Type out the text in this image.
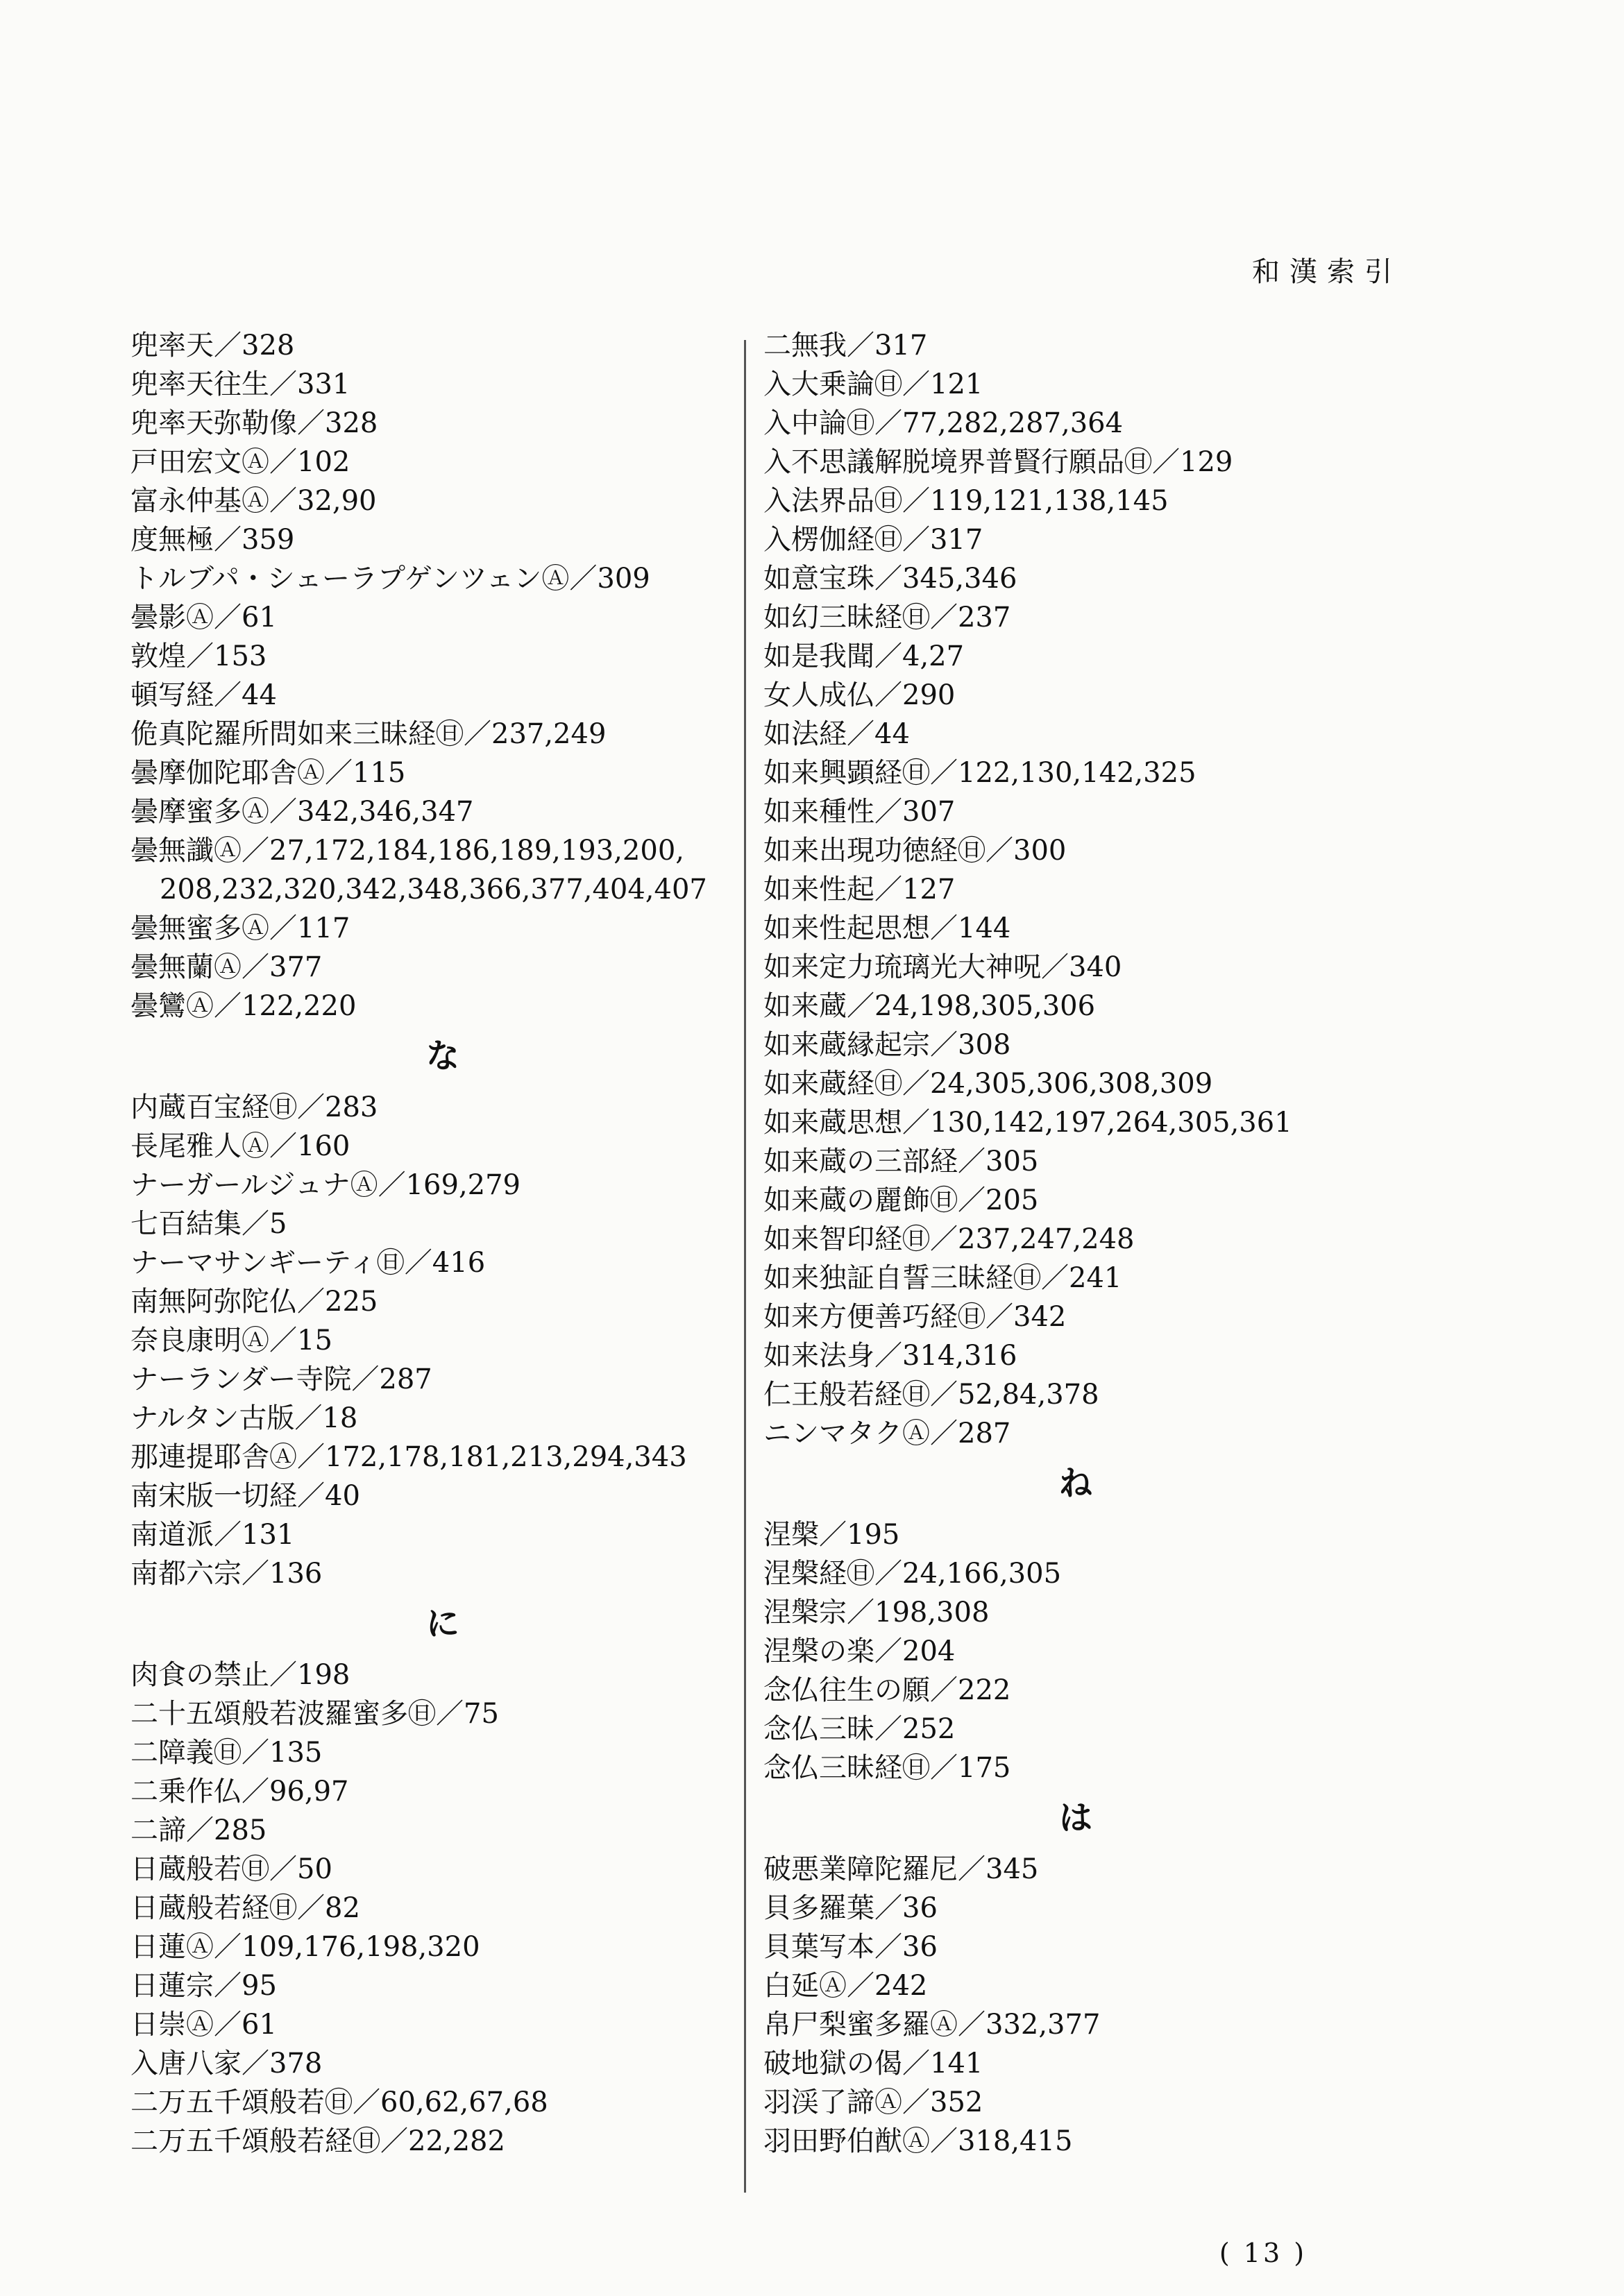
和漢索引
兜率天／328
兜率天往生／331
兜率天弥勒像／328
戸田宏文Ⓐ／102
富永仲基Ⓐ／32,90
度無極／359
トルブパ・シェーラプゲンツェンⒶ／309
曇影Ⓐ／61
敦煌／153
頓写経／44
佹真陀羅所問如来三昧経㊐／237,249
曇摩伽陀耶舎Ⓐ／115
曇摩蜜多Ⓐ／342,346,347
曇無讖Ⓐ／27,172,184,186,189,193,200,
208,232,320,342,348,366,377,404,407
曇無蜜多Ⓐ／117
曇無蘭Ⓐ／377
曇鸞Ⓐ／122,220
な
内蔵百宝経㊐／283
長尾雅人Ⓐ／160
ナーガールジュナⒶ／169,279
七百結集／5
ナーマサンギーティ㊐／416
南無阿弥陀仏／225
奈良康明Ⓐ／15
ナーランダー寺院／287
ナルタン古版／18
那連提耶舎Ⓐ／172,178,181,213,294,343
南宋版一切経／40
南道派／131
南都六宗／136
に
肉食の禁止／198
二十五頌般若波羅蜜多㊐／75
二障義㊐／135
二乗作仏／96,97
二諦／285
日蔵般若㊐／50
日蔵般若経㊐／82
日蓮Ⓐ／109,176,198,320
日蓮宗／95
日崇Ⓐ／61
入唐八家／378
二万五千頌般若㊐／60,62,67,68
二万五千頌般若経㊐／22,282
二無我／317
入大乗論㊐／121
入中論㊐／77,282,287,364
入不思議解脱境界普賢行願品㊐／129
入法界品㊐／119,121,138,145
入楞伽経㊐／317
如意宝珠／345,346
如幻三昧経㊐／237
如是我聞／4,27
女人成仏／290
如法経／44
如来興顕経㊐／122,130,142,325
如来種性／307
如来出現功徳経㊐／300
如来性起／127
如来性起思想／144
如来定力琉璃光大神呪／340
如来蔵／24,198,305,306
如来蔵縁起宗／308
如来蔵経㊐／24,305,306,308,309
如来蔵思想／130,142,197,264,305,361
如来蔵の三部経／305
如来蔵の麗飾㊐／205
如来智印経㊐／237,247,248
如来独証自誓三昧経㊐／241
如来方便善巧経㊐／342
如来法身／314,316
仁王般若経㊐／52,84,378
ニンマタクⒶ／287
ね
涅槃／195
涅槃経㊐／24,166,305
涅槃宗／198,308
涅槃の楽／204
念仏往生の願／222
念仏三昧／252
念仏三昧経㊐／175
は
破悪業障陀羅尼／345
貝多羅葉／36
貝葉写本／36
白延Ⓐ／242
帛尸梨蜜多羅Ⓐ／332,377
破地獄の偈／141
羽渓了諦Ⓐ／352
羽田野伯猷Ⓐ／318,415
( 13 )
